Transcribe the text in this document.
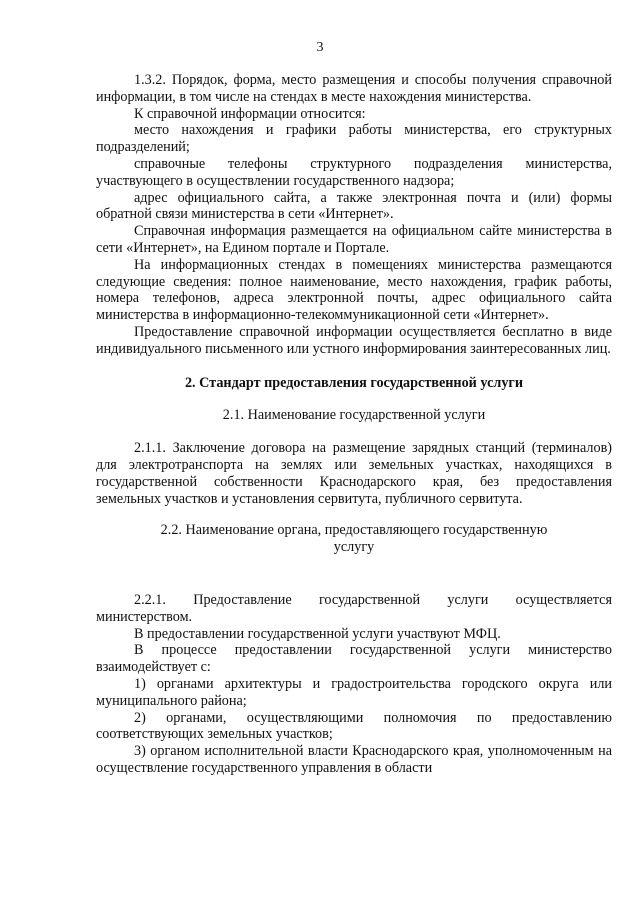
3

1.3.2. Порядок, форма, место размещения и способы получения справочной информации, в том числе на стендах в месте нахождения министерства.

К справочной информации относится:

место нахождения и графики работы министерства, его структурных подразделений;

справочные телефоны структурного подразделения министерства, участвующего в осуществлении государственного надзора;

адрес официального сайта, а также электронная почта и (или) формы обратной связи министерства в сети «Интернет».

Справочная информация размещается на официальном сайте министерства в сети «Интернет», на Едином портале и Портале.

На информационных стендах в помещениях министерства размещаются следующие сведения: полное наименование, место нахождения, график работы, номера телефонов, адреса электронной почты, адрес официального сайта министерства в информационно-телекоммуникационной сети «Интернет».

Предоставление справочной информации осуществляется бесплатно в виде индивидуального письменного или устного информирования заинтересованных лиц.

2. Стандарт предоставления государственной услуги

2.1. Наименование государственной услуги

2.1.1. Заключение договора на размещение зарядных станций (терминалов) для электротранспорта на землях или земельных участках, находящихся в государственной собственности Краснодарского края, без предоставления земельных участков и установления сервитута, публичного сервитута.

2.2. Наименование органа, предоставляющего государственную услугу

2.2.1. Предоставление государственной услуги осуществляется министерством.

В предоставлении государственной услуги участвуют МФЦ.

В процессе предоставлении государственной услуги министерство взаимодействует с:

1) органами архитектуры и градостроительства городского округа или муниципального района;

2) органами, осуществляющими полномочия по предоставлению соответствующих земельных участков;

3) органом исполнительной власти Краснодарского края, уполномоченным на осуществление государственного управления в области
